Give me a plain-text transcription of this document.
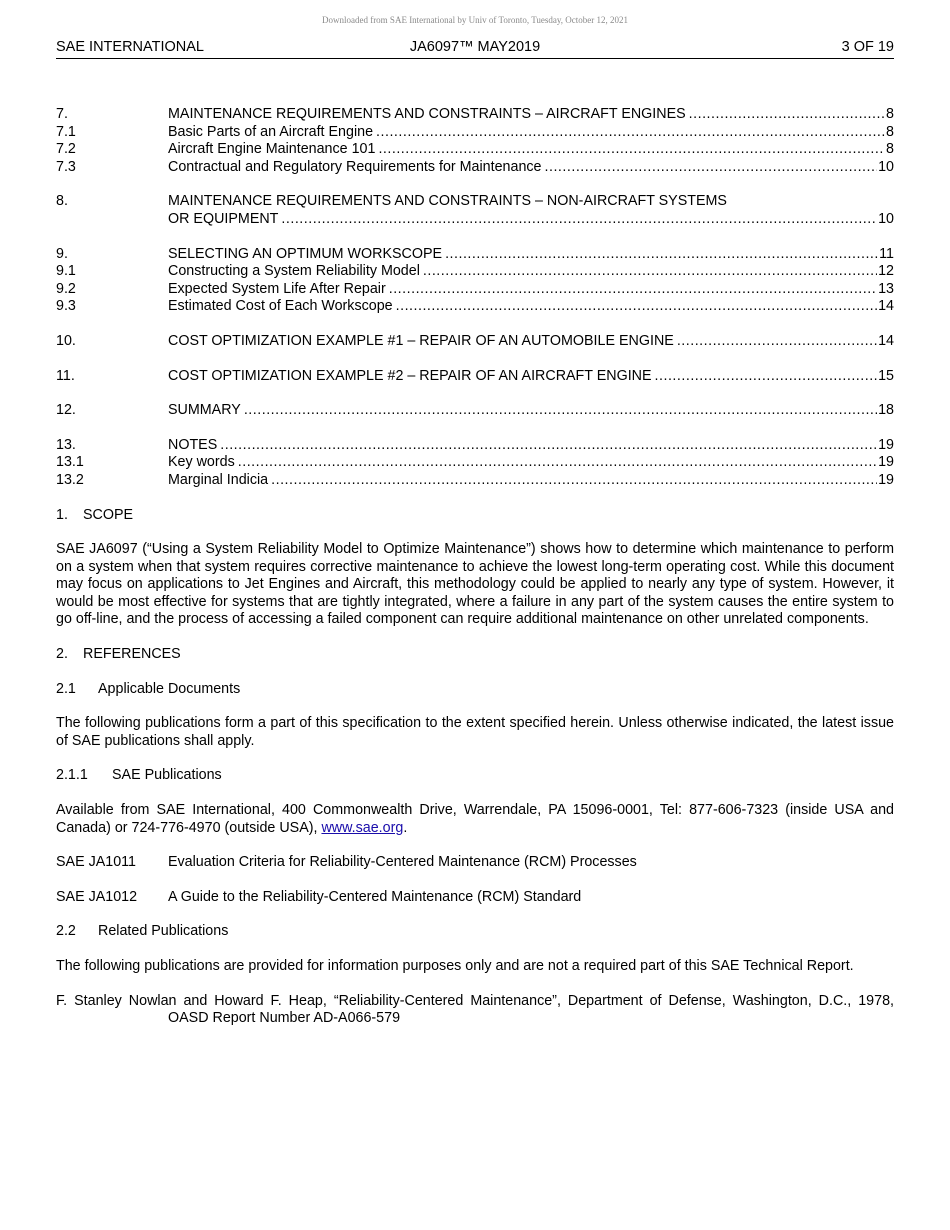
Downloaded from SAE International by Univ of Toronto, Tuesday, October 12, 2021
SAE INTERNATIONAL	JA6097™ MAY2019	3 OF 19
7.	MAINTENANCE REQUIREMENTS AND CONSTRAINTS – AIRCRAFT ENGINES .....	8
7.1	Basic Parts of an Aircraft Engine .....	8
7.2	Aircraft Engine Maintenance 101 .....	8
7.3	Contractual and Regulatory Requirements for Maintenance .....	10
8.	MAINTENANCE REQUIREMENTS AND CONSTRAINTS – NON-AIRCRAFT SYSTEMS
OR EQUIPMENT .....	10
9.	SELECTING AN OPTIMUM WORKSCOPE .....	11
9.1	Constructing a System Reliability Model .....	12
9.2	Expected System Life After Repair .....	13
9.3	Estimated Cost of Each Workscope .....	14
10.	COST OPTIMIZATION EXAMPLE #1 – REPAIR OF AN AUTOMOBILE ENGINE .....	14
11.	COST OPTIMIZATION EXAMPLE #2 – REPAIR OF AN AIRCRAFT ENGINE .....	15
12.	SUMMARY .....	18
13.	NOTES .....	19
13.1	Key words .....	19
13.2	Marginal Indicia .....	19
1. SCOPE

SAE JA6097 (“Using a System Reliability Model to Optimize Maintenance”) shows how to determine which maintenance to perform on a system when that system requires corrective maintenance to achieve the lowest long-term operating cost. While this document may focus on applications to Jet Engines and Aircraft, this methodology could be applied to nearly any type of system. However, it would be most effective for systems that are tightly integrated, where a failure in any part of the system causes the entire system to go off-line, and the process of accessing a failed component can require additional maintenance on other unrelated components.

2. REFERENCES
2.1 Applicable Documents

The following publications form a part of this specification to the extent specified herein. Unless otherwise indicated, the latest issue of SAE publications shall apply.

2.1.1 SAE Publications

Available from SAE International, 400 Commonwealth Drive, Warrendale, PA 15096-0001, Tel: 877-606-7323 (inside USA and Canada) or 724-776-4970 (outside USA), www.sae.org.

SAE JA1011	Evaluation Criteria for Reliability-Centered Maintenance (RCM) Processes
SAE JA1012	A Guide to the Reliability-Centered Maintenance (RCM) Standard
2.2 Related Publications

The following publications are provided for information purposes only and are not a required part of this SAE Technical Report.

F. Stanley Nowlan and Howard F. Heap, “Reliability-Centered Maintenance”, Department of Defense, Washington, D.C., 1978, OASD Report Number AD-A066-579
